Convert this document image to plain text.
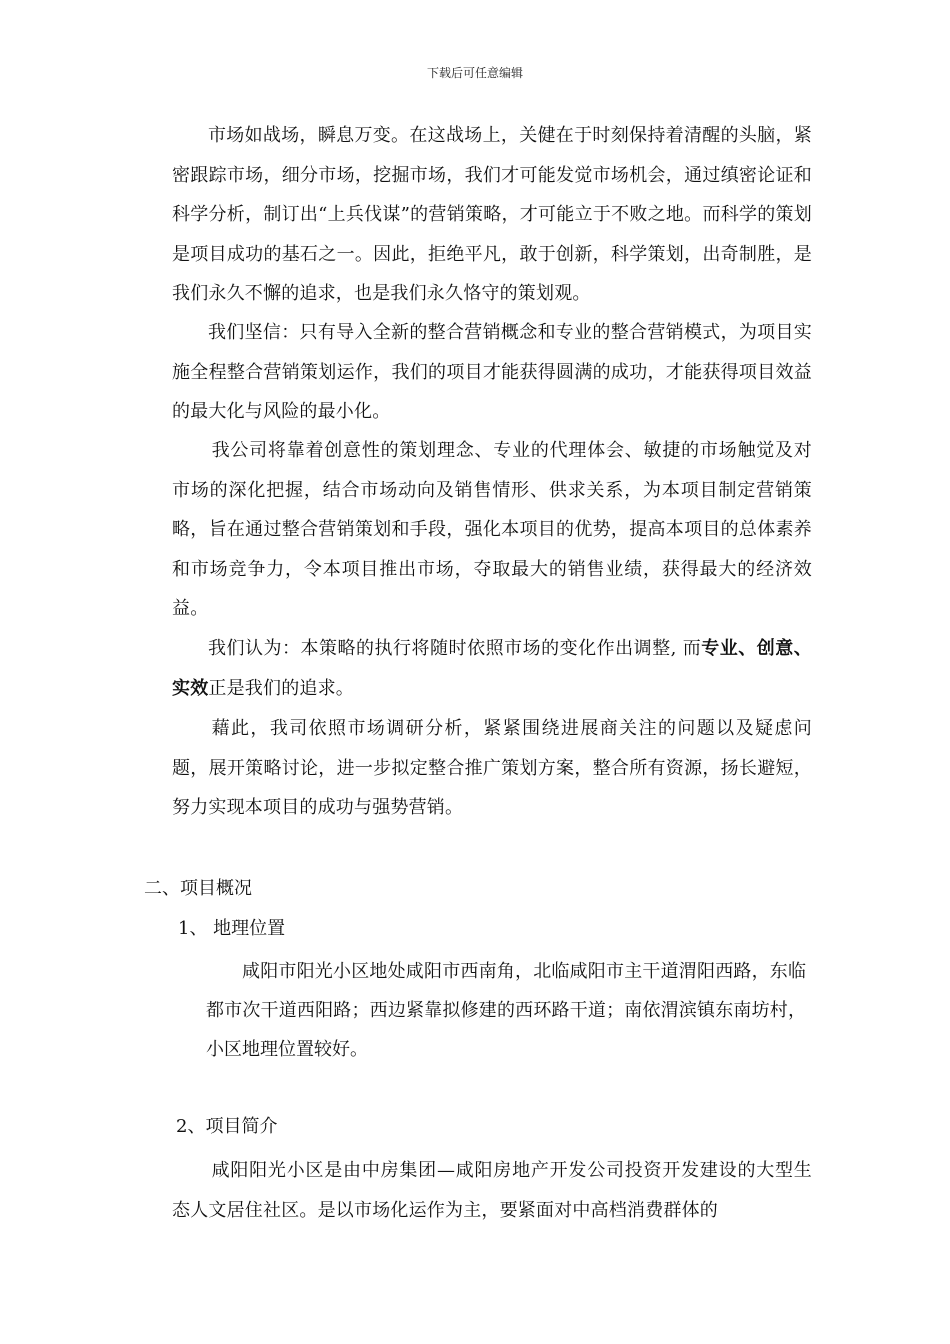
下载后可任意编辑

市场如战场，瞬息万变。在这战场上，关健在于时刻保持着清醒的头脑，紧密跟踪市场，细分市场，挖掘市场，我们才可能发觉市场机会，通过缜密论证和科学分析，制订出“上兵伐谋”的营销策略，才可能立于不败之地。而科学的策划是项目成功的基石之一。因此，拒绝平凡，敢于创新，科学策划，出奇制胜，是我们永久不懈的追求，也是我们永久恪守的策划观。

我们坚信：只有导入全新的整合营销概念和专业的整合营销模式，为项目实施全程整合营销策划运作，我们的项目才能获得圆满的成功，才能获得项目效益的最大化与风险的最小化。

我公司将靠着创意性的策划理念、专业的代理体会、敏捷的市场触觉及对市场的深化把握，结合市场动向及销售情形、供求关系，为本项目制定营销策略，旨在通过整合营销策划和手段，强化本项目的优势，提高本项目的总体素养和市场竞争力，令本项目推出市场，夺取最大的销售业绩，获得最大的经济效益。

我们认为：本策略的执行将随时依照市场的变化作出调整, 而专业、创意、实效正是我们的追求。

藉此，我司依照市场调研分析，紧紧围绕进展商关注的问题以及疑虑问题，展开策略讨论，进一步拟定整合推广策划方案，整合所有资源，扬长避短，努力实现本项目的成功与强势营销。

二、项目概况
1、 地理位置

咸阳市阳光小区地处咸阳市西南角，北临咸阳市主干道渭阳西路，东临都市次干道西阳路；西边紧靠拟修建的西环路干道；南依渭滨镇东南坊村，小区地理位置较好。

2、项目简介

咸阳阳光小区是由中房集团—咸阳房地产开发公司投资开发建设的大型生态人文居住社区。是以市场化运作为主，要紧面对中高档消费群体的
